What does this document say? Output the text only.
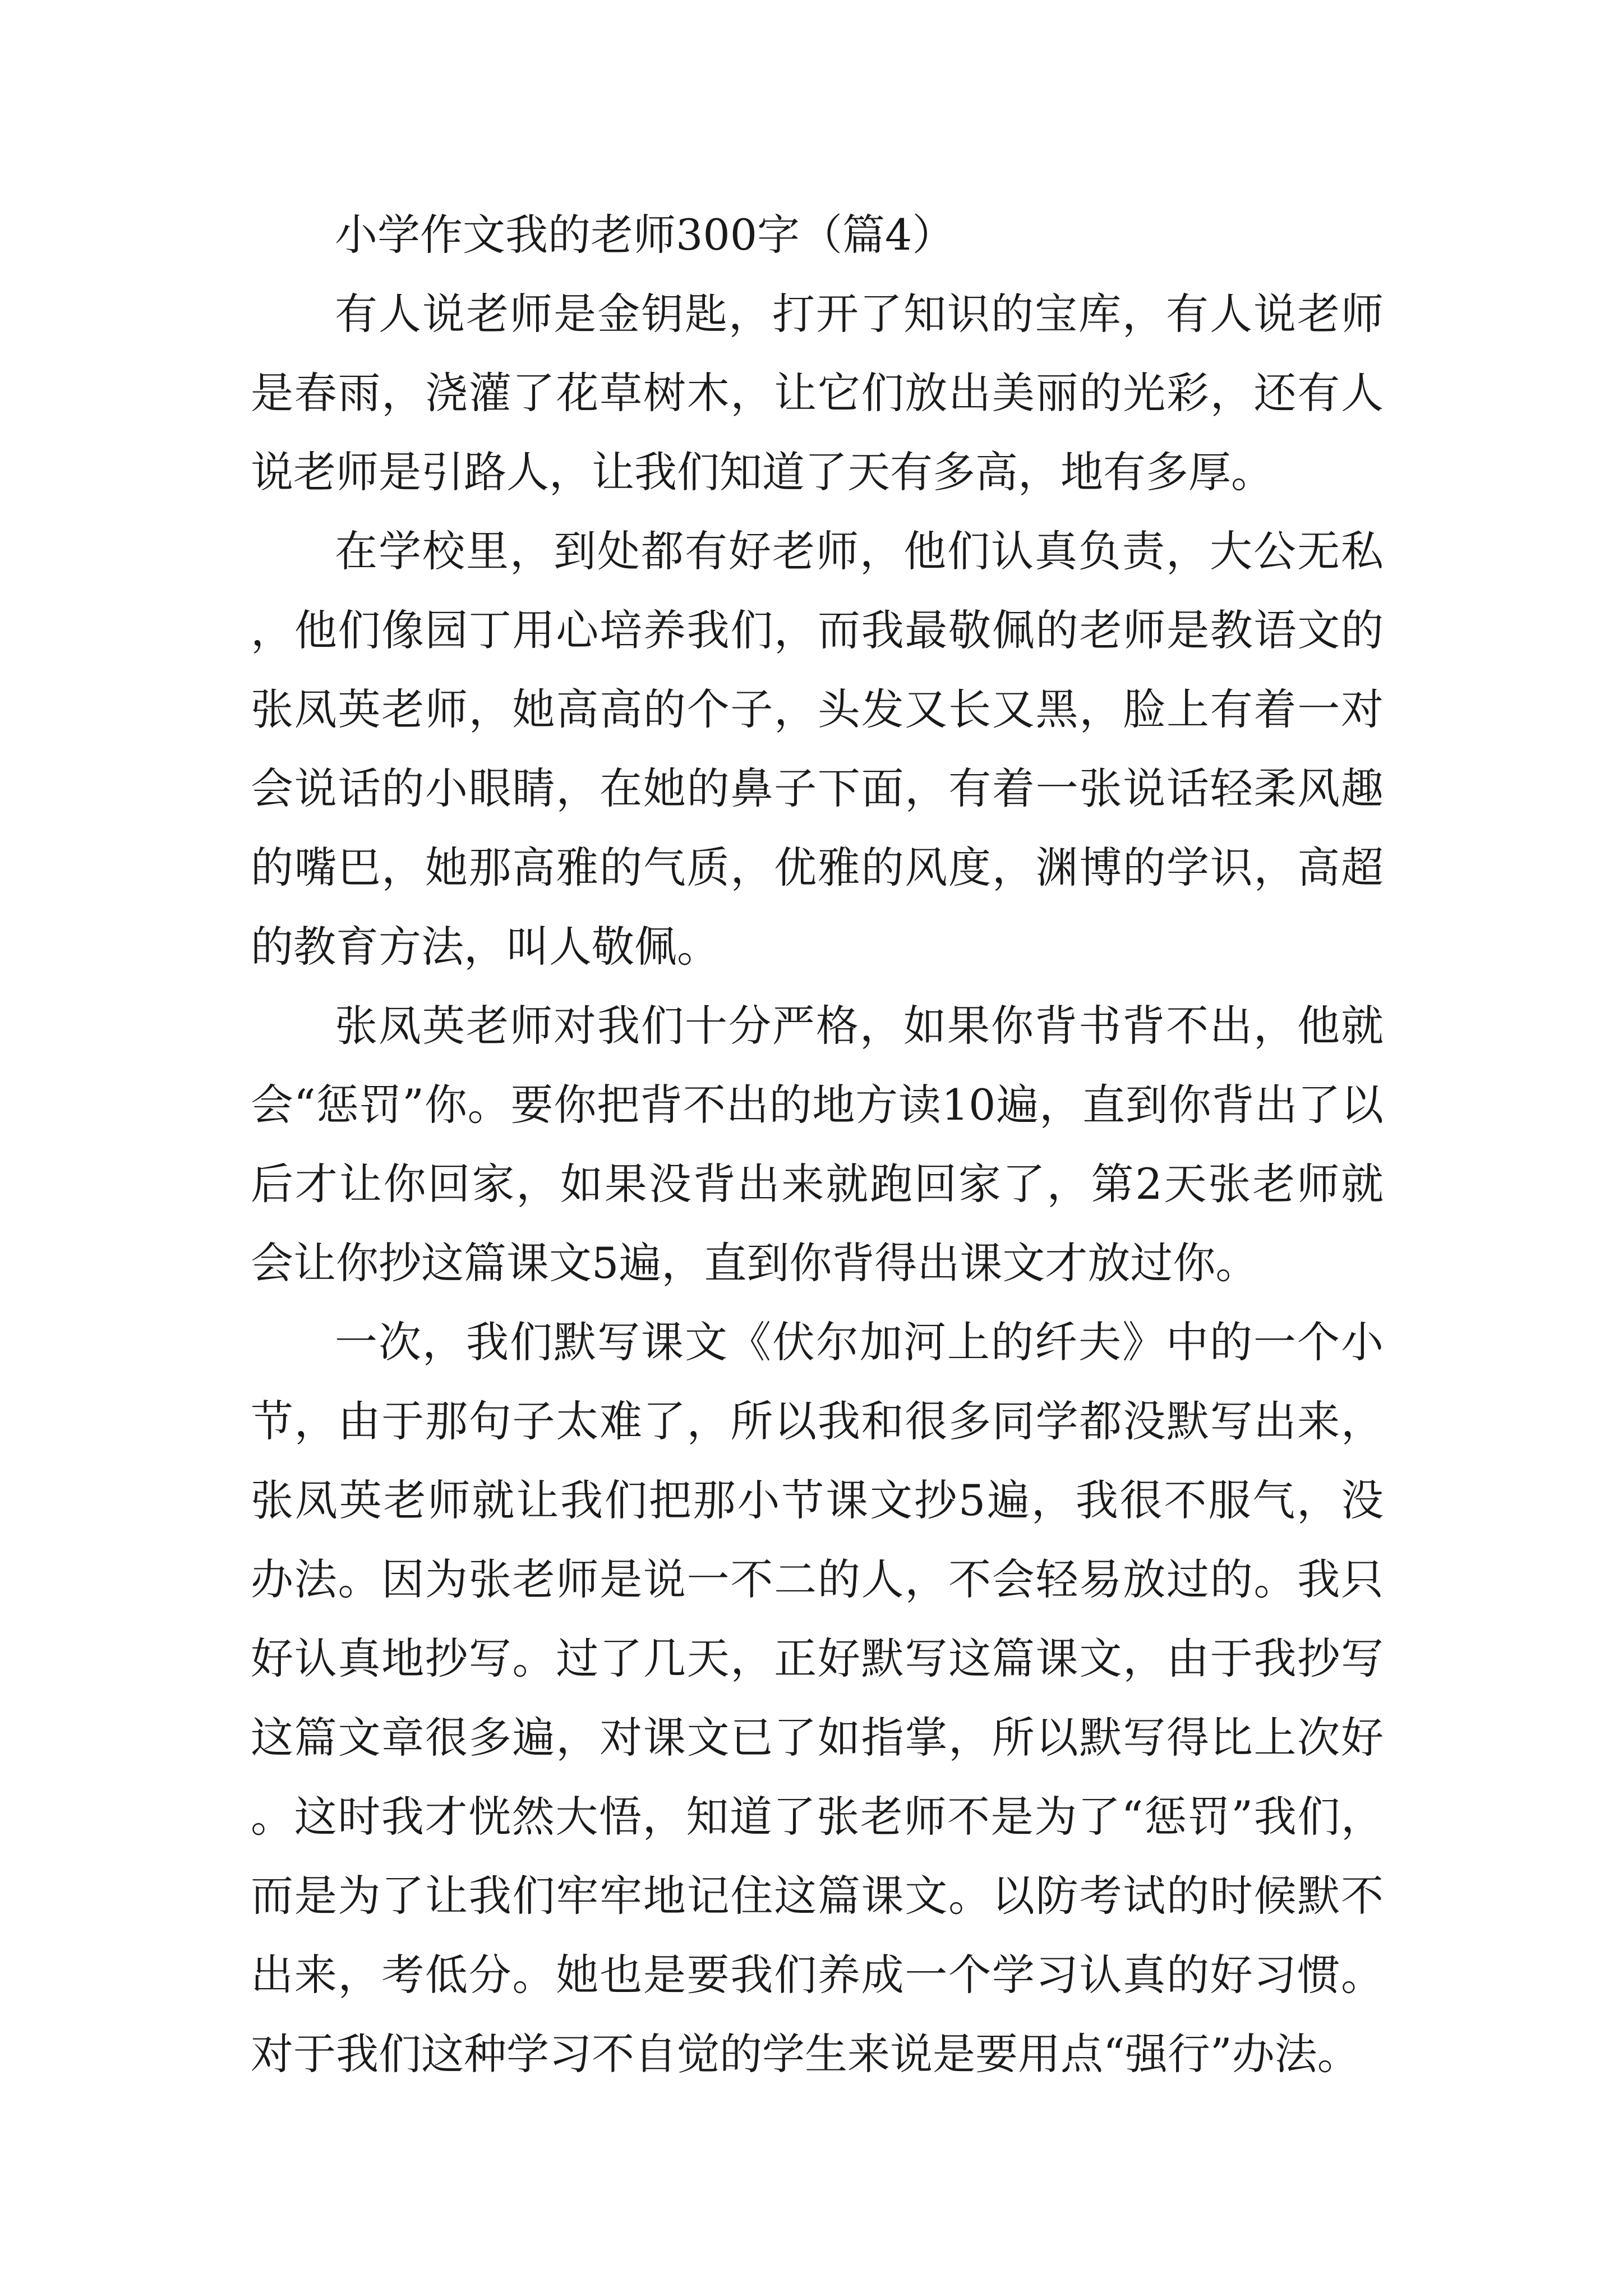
小学作文我的老师300字（篇4）

有人说老师是金钥匙，打开了知识的宝库，有人说老师是春雨，浇灌了花草树木，让它们放出美丽的光彩，还有人说老师是引路人，让我们知道了天有多高，地有多厚。

在学校里，到处都有好老师，他们认真负责，大公无私，他们像园丁用心培养我们，而我最敬佩的老师是教语文的张凤英老师，她高高的个子，头发又长又黑，脸上有着一对会说话的小眼睛，在她的鼻子下面，有着一张说话轻柔风趣的嘴巴，她那高雅的气质，优雅的风度，渊博的学识，高超的教育方法，叫人敬佩。

张凤英老师对我们十分严格，如果你背书背不出，他就会“惩罚”你。要你把背不出的地方读10遍，直到你背出了以后才让你回家，如果没背出来就跑回家了，第2天张老师就会让你抄这篇课文5遍，直到你背得出课文才放过你。

一次，我们默写课文《伏尔加河上的纤夫》中的一个小节，由于那句子太难了，所以我和很多同学都没默写出来，张凤英老师就让我们把那小节课文抄5遍，我很不服气，没办法。因为张老师是说一不二的人，不会轻易放过的。我只好认真地抄写。过了几天，正好默写这篇课文，由于我抄写这篇文章很多遍，对课文已了如指掌，所以默写得比上次好。这时我才恍然大悟，知道了张老师不是为了“惩罚”我们，而是为了让我们牢牢地记住这篇课文。以防考试的时候默不出来，考低分。她也是要我们养成一个学习认真的好习惯。对于我们这种学习不自觉的学生来说是要用点“强行”办法。
